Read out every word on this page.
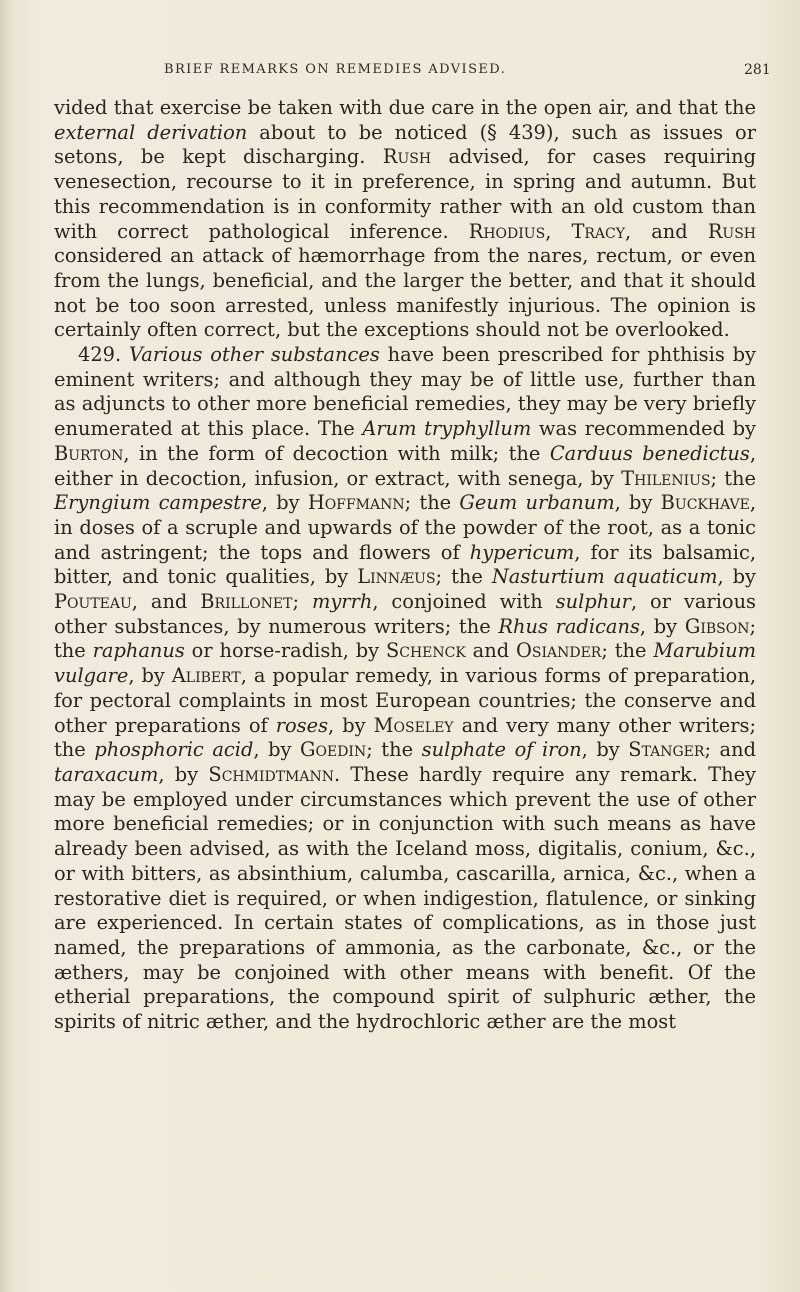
BRIEF REMARKS ON REMEDIES ADVISED.	281

vided that exercise be taken with due care in the open air, and that the external derivation about to be noticed (§ 439), such as issues or setons, be kept discharging. Rush advised, for cases requiring venesection, recourse to it in preference, in spring and autumn. But this recommendation is in conformity rather with an old custom than with correct pathological inference. Rhodius, Tracy, and Rush considered an attack of hæmorrhage from the nares, rectum, or even from the lungs, beneficial, and the larger the better, and that it should not be too soon arrested, unless manifestly injurious. The opinion is certainly often correct, but the exceptions should not be overlooked.

429. Various other substances have been prescribed for phthisis by eminent writers; and although they may be of little use, further than as adjuncts to other more beneficial remedies, they may be very briefly enumerated at this place. The Arum tryphyllum was recommended by Burton, in the form of decoction with milk; the Carduus benedictus, either in decoction, infusion, or extract, with senega, by Thilenius; the Eryngium campestre, by Hoffmann; the Geum urbanum, by Buckhave, in doses of a scruple and upwards of the powder of the root, as a tonic and astringent; the tops and flowers of hypericum, for its balsamic, bitter, and tonic qualities, by Linnæus; the Nasturtium aquaticum, by Pouteau, and Brillonet; myrrh, conjoined with sulphur, or various other substances, by numerous writers; the Rhus radicans, by Gibson; the raphanus or horse-radish, by Schenck and Osiander; the Marubium vulgare, by Alibert, a popular remedy, in various forms of preparation, for pectoral complaints in most European countries; the conserve and other preparations of roses, by Moseley and very many other writers; the phosphoric acid, by Goedin; the sulphate of iron, by Stanger; and taraxacum, by Schmidtmann. These hardly require any remark. They may be employed under circumstances which prevent the use of other more beneficial remedies; or in conjunction with such means as have already been advised, as with the Iceland moss, digitalis, conium, &c., or with bitters, as absinthium, calumba, cascarilla, arnica, &c., when a restorative diet is required, or when indigestion, flatulence, or sinking are experienced. In certain states of complications, as in those just named, the preparations of ammonia, as the carbonate, &c., or the æthers, may be conjoined with other means with benefit. Of the etherial preparations, the compound spirit of sulphuric æther, the spirits of nitric æther, and the hydrochloric æther are the most
